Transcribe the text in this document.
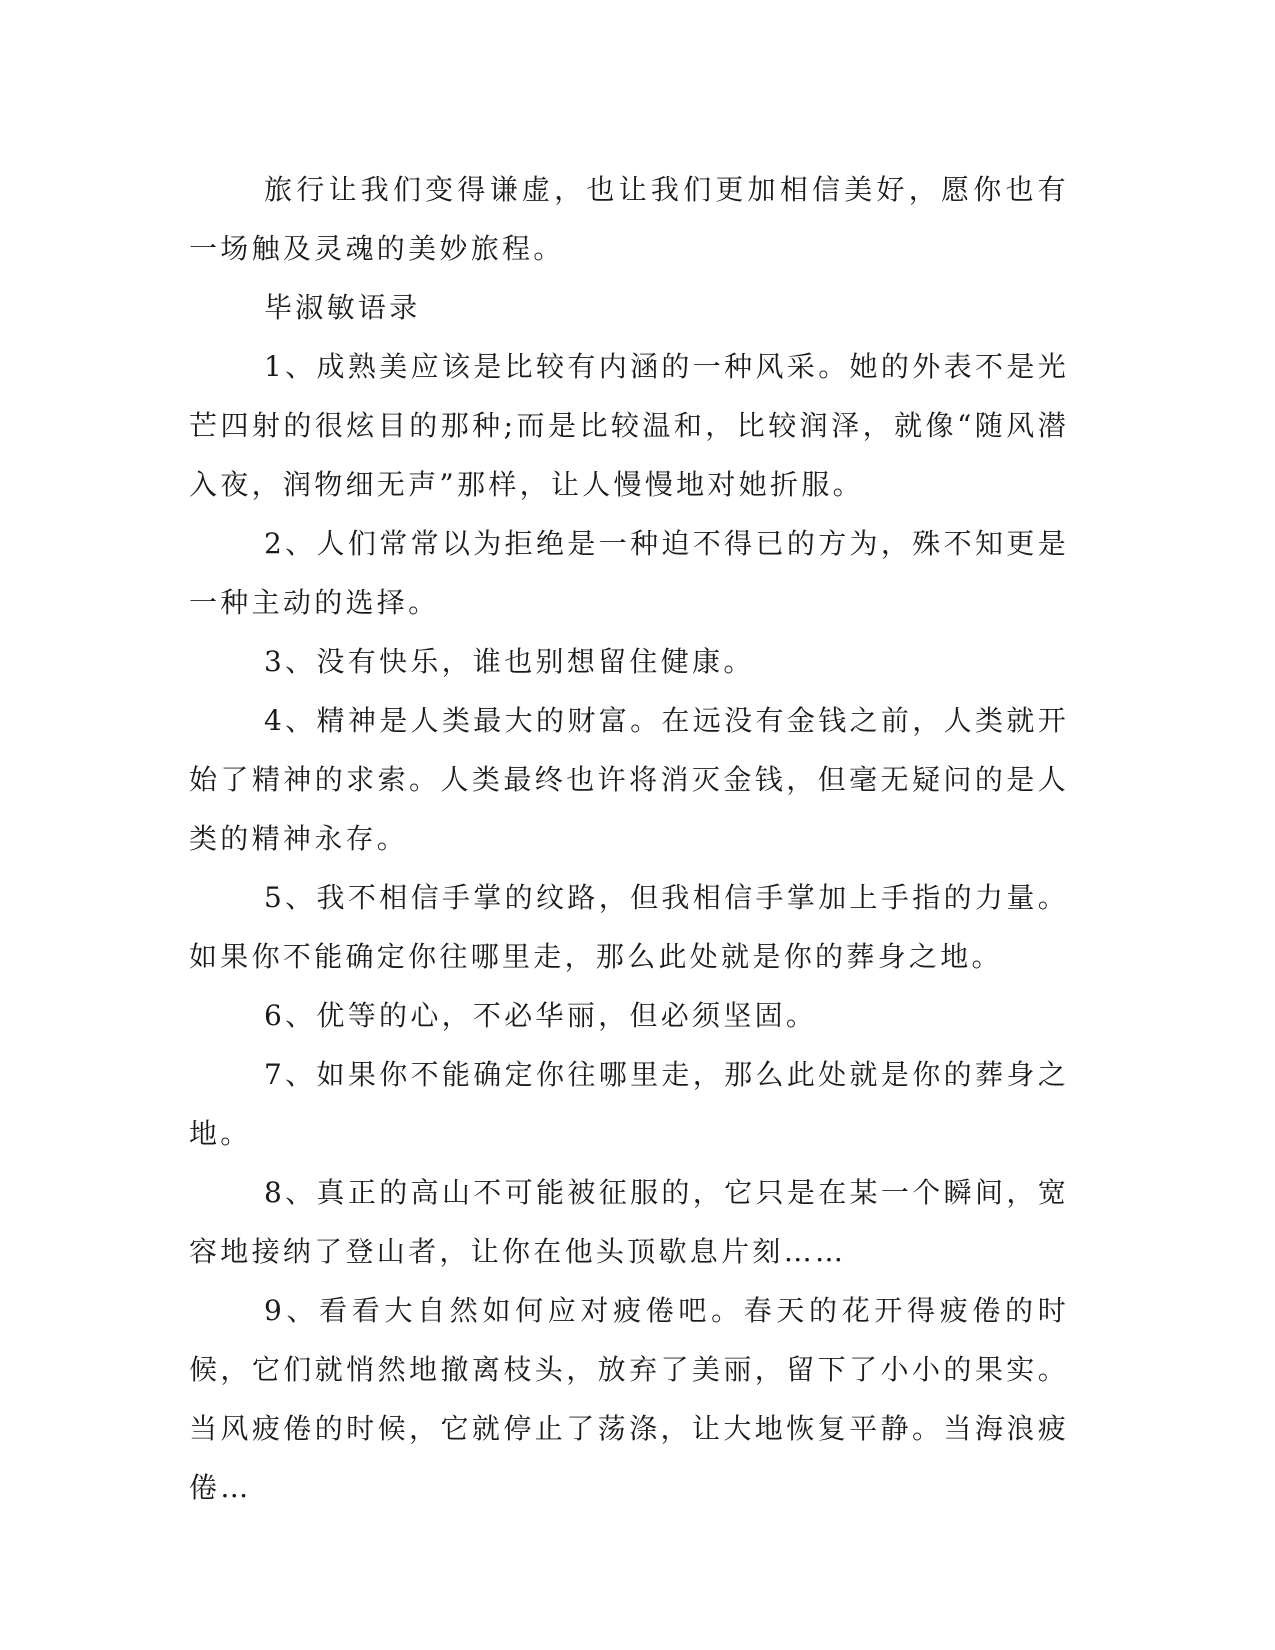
旅行让我们变得谦虚，也让我们更加相信美好，愿你也有一场触及灵魂的美妙旅程。

毕淑敏语录

1、成熟美应该是比较有内涵的一种风采。她的外表不是光芒四射的很炫目的那种;而是比较温和，比较润泽，就像“随风潜入夜，润物细无声”那样，让人慢慢地对她折服。

2、人们常常以为拒绝是一种迫不得已的方为，殊不知更是一种主动的选择。

3、没有快乐，谁也别想留住健康。

4、精神是人类最大的财富。在远没有金钱之前，人类就开始了精神的求索。人类最终也许将消灭金钱，但毫无疑问的是人类的精神永存。

5、我不相信手掌的纹路，但我相信手掌加上手指的力量。如果你不能确定你往哪里走，那么此处就是你的葬身之地。

6、优等的心，不必华丽，但必须坚固。

7、如果你不能确定你往哪里走，那么此处就是你的葬身之地。

8、真正的高山不可能被征服的，它只是在某一个瞬间，宽容地接纳了登山者，让你在他头顶歇息片刻……

9、看看大自然如何应对疲倦吧。春天的花开得疲倦的时候，它们就悄然地撤离枝头，放弃了美丽，留下了小小的果实。当风疲倦的时候，它就停止了荡涤，让大地恢复平静。当海浪疲倦…
